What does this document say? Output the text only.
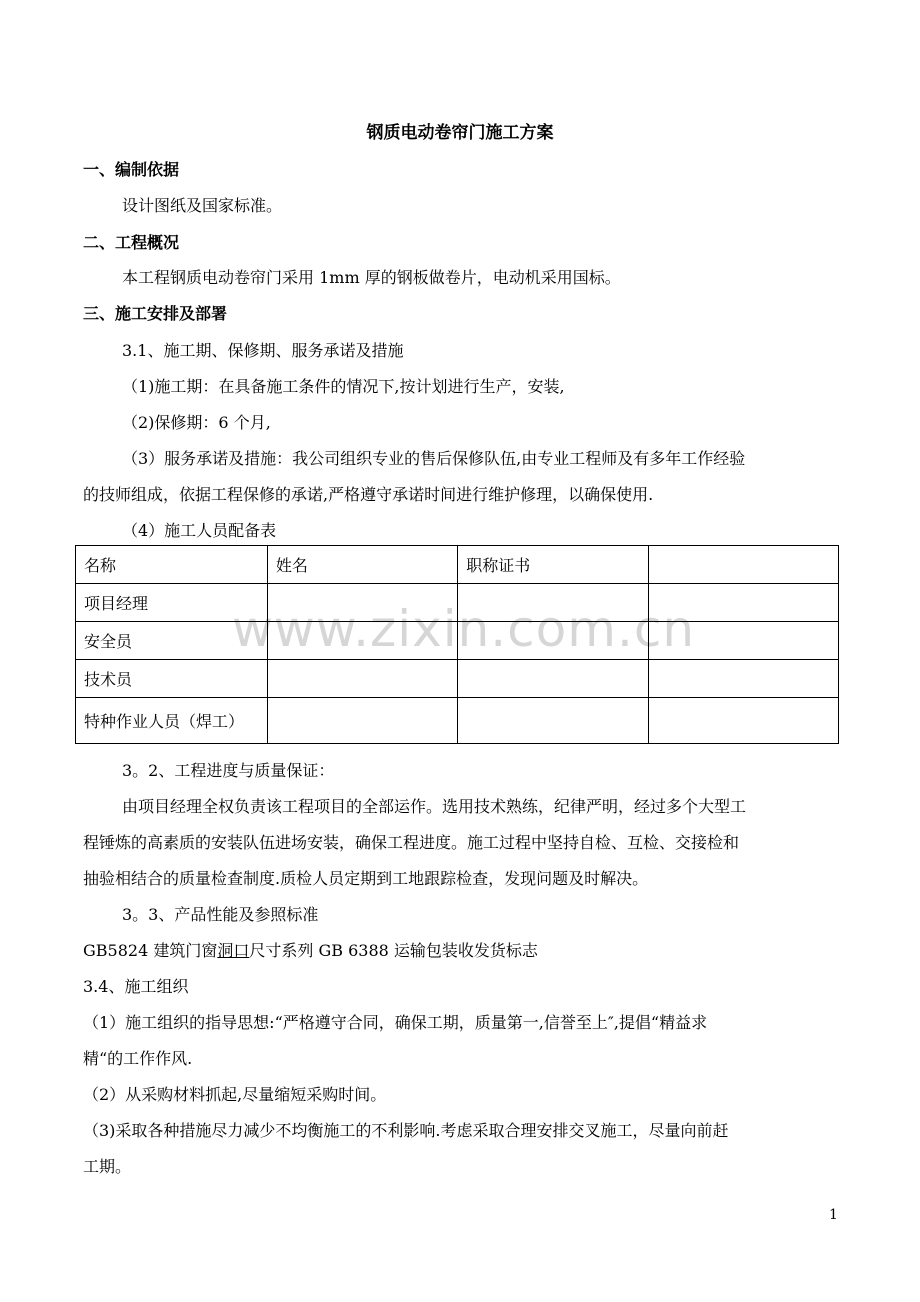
www.zixin.com.cn
钢质电动卷帘门施工方案
一、编制依据
设计图纸及国家标准。
二、工程概况
本工程钢质电动卷帘门采用 1mm 厚的钢板做卷片，电动机采用国标。
三、施工安排及部署
3.1、施工期、保修期、服务承诺及措施
（1)施工期：在具备施工条件的情况下,按计划进行生产，安装,
（2)保修期：6 个月,
（3）服务承诺及措施：我公司组织专业的售后保修队伍,由专业工程师及有多年工作经验
的技师组成，依据工程保修的承诺,严格遵守承诺时间进行维护修理，以确保使用.
（4）施工人员配备表
名称	姓名	职称证书	
项目经理			
安全员			
技术员			
特种作业人员（焊工）			
3。2、工程进度与质量保证：
由项目经理全权负责该工程项目的全部运作。选用技术熟练，纪律严明，经过多个大型工
程锤炼的高素质的安装队伍进场安装，确保工程进度。施工过程中坚持自检、互检、交接检和
抽验相结合的质量检查制度.质检人员定期到工地跟踪检查，发现问题及时解决。
3。3、产品性能及参照标准
GB5824 建筑门窗洞口尺寸系列 GB 6388 运输包装收发货标志
3.4、施工组织
（1）施工组织的指导思想:“严格遵守合同，确保工期，质量第一,信誉至上″,提倡“精益求
精“的工作作风.
（2）从采购材料抓起,尽量缩短采购时间。
（3)采取各种措施尽力减少不均衡施工的不利影响.考虑采取合理安排交叉施工，尽量向前赶
工期。
1
